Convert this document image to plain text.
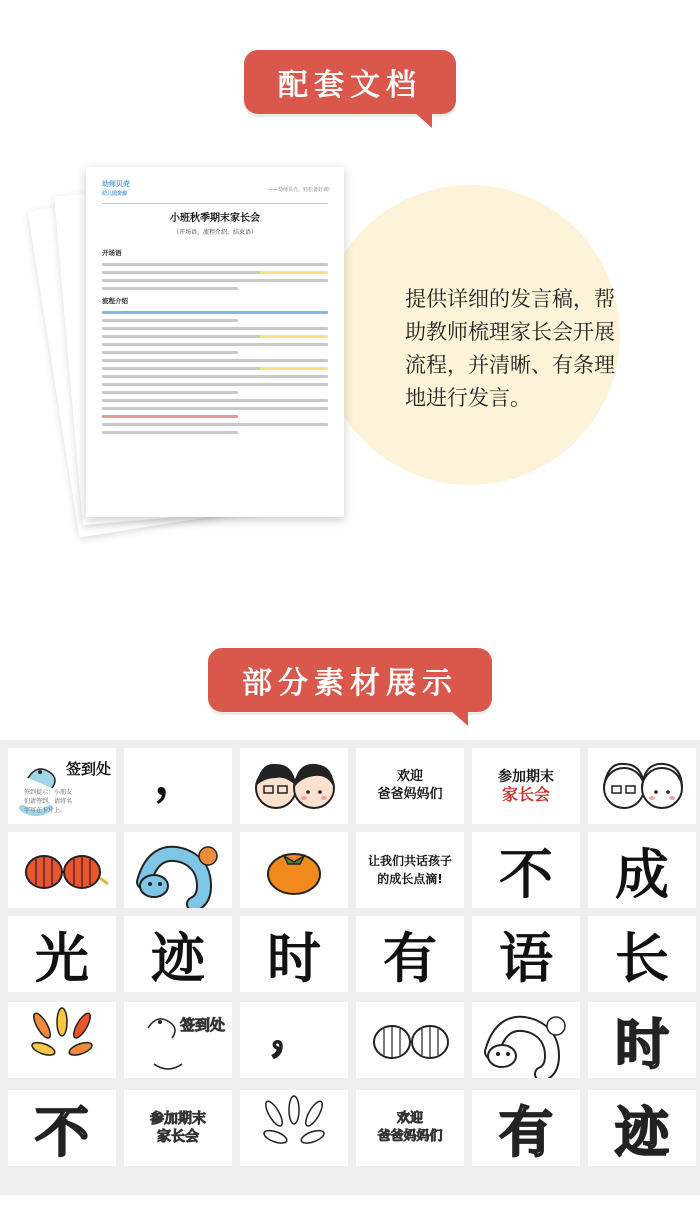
配套文档
幼师贝壳
幼儿园资源
——幼师贝壳，轻松备好课!
小班秋季期末家长会
（开场语、流程介绍、结束语）
开场语
流程介绍	提供详细的发言稿，帮助教师梳理家长会开展流程，并清晰、有条理地进行发言。
部分素材展示
签到处
签到提示：小朋友们请签到，请将名字写在卡片上。
，	欢迎
爸爸妈妈们
参加期末
家长会
让我们共话孩子
的成长点滴! 不 成
光 迹 时 有 语 长
签到处 ，	时
不	参加期末
家长会
欢迎
爸爸妈妈们 有 迹
